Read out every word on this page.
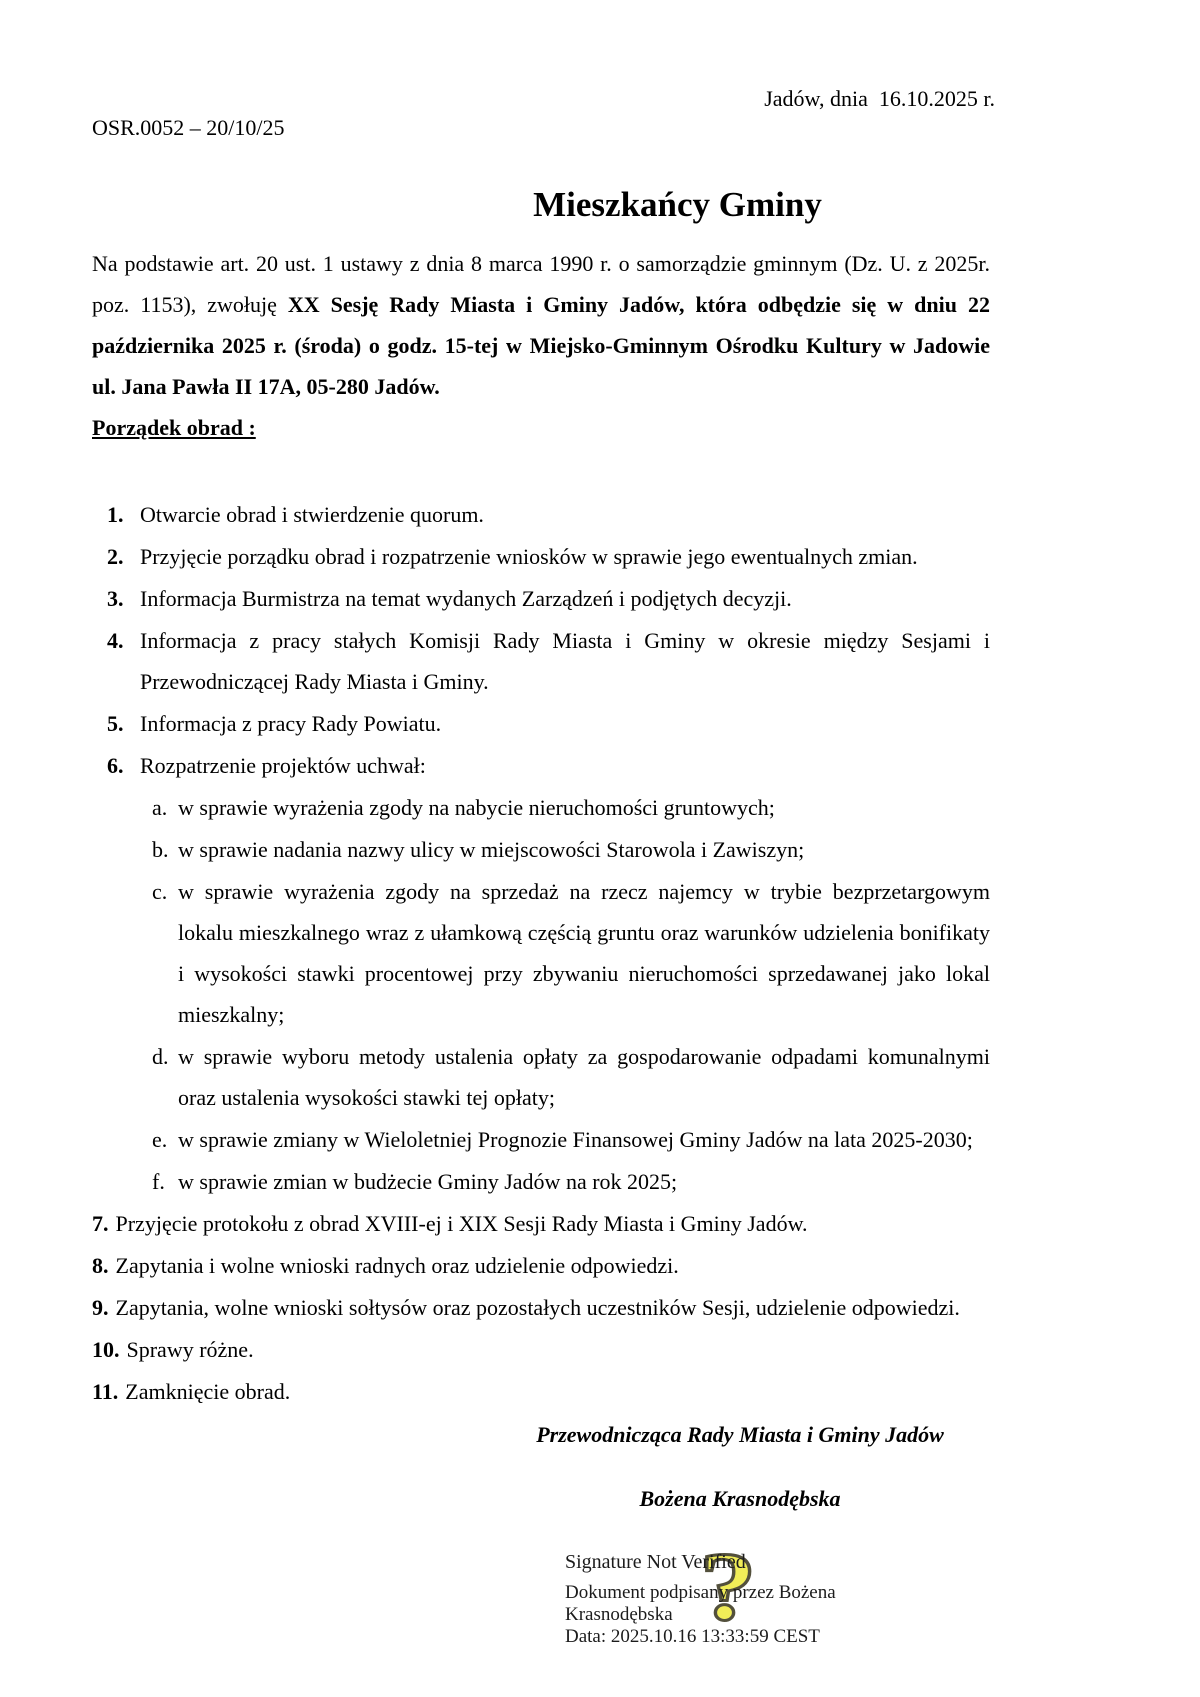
Jadów, dnia  16.10.2025 r.
OSR.0052 – 20/10/25
Mieszkańcy Gminy
Na podstawie art. 20 ust. 1 ustawy z dnia 8 marca 1990 r. o samorządzie gminnym (Dz. U. z 2025r. poz. 1153), zwołuję XX Sesję Rady Miasta i Gminy Jadów, która odbędzie się w dniu 22 października 2025 r. (środa) o godz. 15-tej w Miejsko-Gminnym Ośrodku Kultury w Jadowie ul. Jana Pawła II 17A, 05-280 Jadów.
Porządek obrad :
1. Otwarcie obrad i stwierdzenie quorum.
2. Przyjęcie porządku obrad i rozpatrzenie wniosków w sprawie jego ewentualnych zmian.
3. Informacja Burmistrza na temat wydanych Zarządzeń i podjętych decyzji.
4. Informacja z pracy stałych Komisji Rady Miasta i Gminy w okresie między Sesjami i Przewodniczącej Rady Miasta i Gminy.
5. Informacja z pracy Rady Powiatu.
6. Rozpatrzenie projektów uchwał:
a. w sprawie wyrażenia zgody na nabycie nieruchomości gruntowych;
b. w sprawie nadania nazwy ulicy w miejscowości Starowola i Zawiszyn;
c. w sprawie wyrażenia zgody na sprzedaż na rzecz najemcy w trybie bezprzetargowym lokalu mieszkalnego wraz z ułamkową częścią gruntu oraz warunków udzielenia bonifikaty i wysokości stawki procentowej przy zbywaniu nieruchomości sprzedawanej jako lokal mieszkalny;
d. w sprawie wyboru metody ustalenia opłaty za gospodarowanie odpadami komunalnymi oraz ustalenia wysokości stawki tej opłaty;
e. w sprawie zmiany w Wieloletniej Prognozie Finansowej Gminy Jadów na lata 2025-2030;
f. w sprawie zmian w budżecie Gminy Jadów na rok 2025;
7. Przyjęcie protokołu z obrad XVIII-ej i XIX Sesji Rady Miasta i Gminy Jadów.
8. Zapytania i wolne wnioski radnych oraz udzielenie odpowiedzi.
9. Zapytania, wolne wnioski sołtysów oraz pozostałych uczestników Sesji, udzielenie odpowiedzi.
10. Sprawy różne.
11. Zamknięcie obrad.
Przewodnicząca Rady Miasta i Gminy Jadów
Bożena Krasnodębska
?
Signature Not Verified
Dokument podpisany przez Bożena
Krasnodębska
Data: 2025.10.16 13:33:59 CEST
